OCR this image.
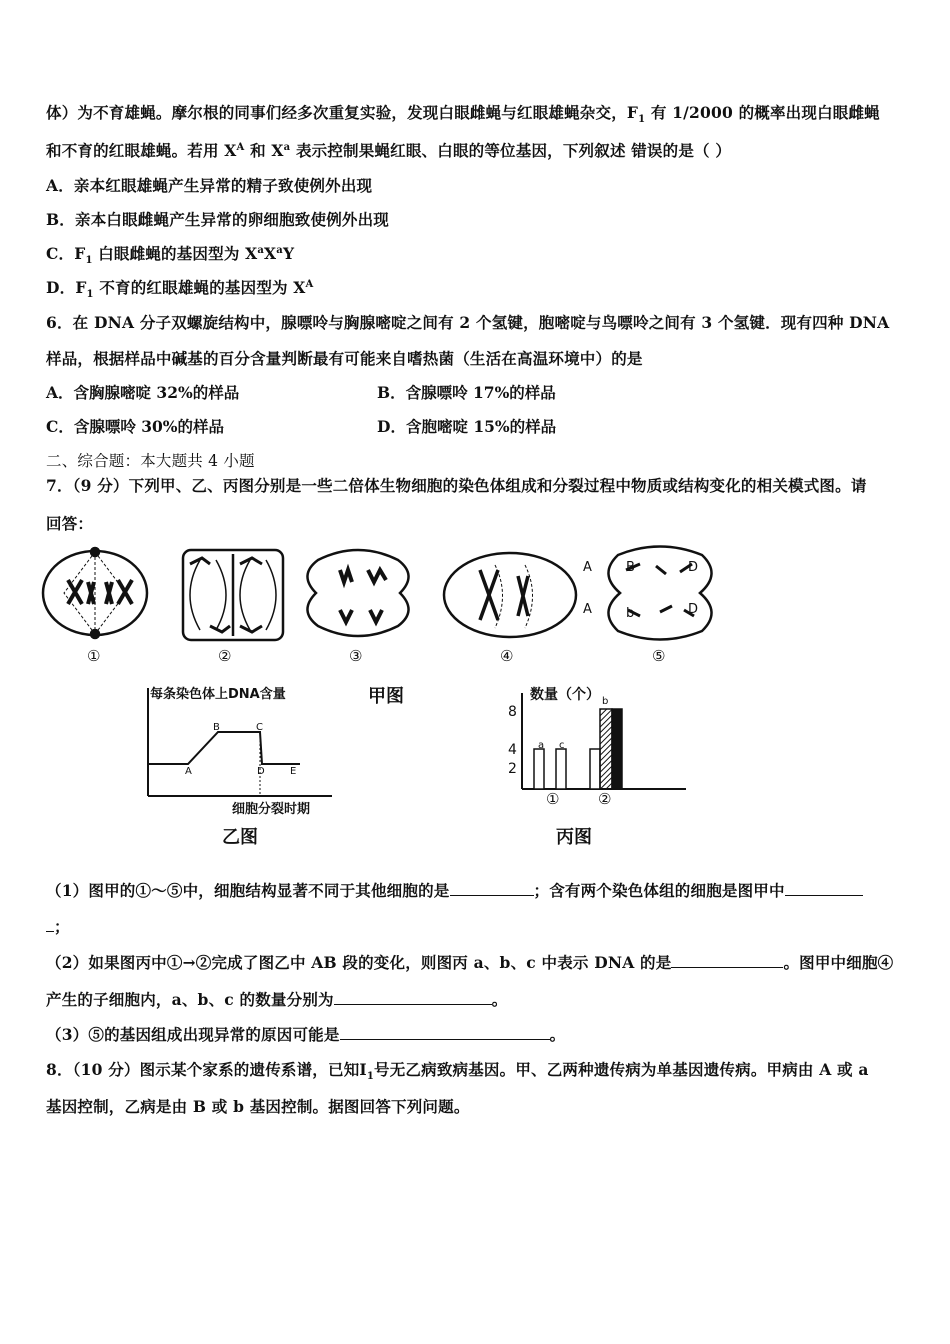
体）为不育雄蝇。摩尔根的同事们经多次重复实验，发现白眼雌蝇与红眼雄蝇杂交，$F_1$ 有 1/2000 的概率出现白眼雌蝇
和不育的红眼雄蝇。若用 $X^A$ 和 $X^a$ 表示控制果蝇红眼、白眼的等位基因，下列叙述 错误的是（ ）
A．亲本红眼雄蝇产生异常的精子致使例外出现
B．亲本白眼雌蝇产生异常的卵细胞致使例外出现
C．$F_1$ 白眼雌蝇的基因型为 $X^aX^aY$
D．$F_1$ 不育的红眼雄蝇的基因型为 $X^A$
6．在 DNA 分子双螺旋结构中，腺嘌呤与胸腺嘧啶之间有 2 个氢键，胞嘧啶与鸟嘌呤之间有 3 个氢键．现有四种 DNA
样品，根据样品中碱基的百分含量判断最有可能来自嗜热菌（生活在高温环境中）的是
A．含胸腺嘧啶 32%的样品	B．含腺嘌呤 17%的样品
C．含腺嘌呤 30%的样品	D．含胞嘧啶 15%的样品
二、综合题：本大题共 4 小题
7．（9 分）下列甲、乙、丙图分别是一些二倍体生物细胞的染色体组成和分裂过程中物质或结构变化的相关模式图。请
回答：
A	B	D
A	b	D
①	②	③	④	⑤
甲图
每条染色体上DNA含量
A
B	C
D	E
细胞分裂时期
乙图
数量（个）
8
4
2
a c
b
①	②
丙图
（1）图甲的①～⑤中，细胞结构显著不同于其他细胞的是	；含有两个染色体组的细胞是图甲中
；
（2）如果图丙中①→②完成了图乙中 AB 段的变化，则图丙 a、b、c 中表示 DNA 的是	。图甲中细胞④
产生的子细胞内，a、b、c 的数量分别为	。
（3）⑤的基因组成出现异常的原因可能是	。
8．（10 分）图示某个家系的遗传系谱，已知$Ⅰ_1$号无乙病致病基因。甲、乙两种遗传病为单基因遗传病。甲病由 A 或 a
基因控制，乙病是由 B 或 b 基因控制。据图回答下列问题。
